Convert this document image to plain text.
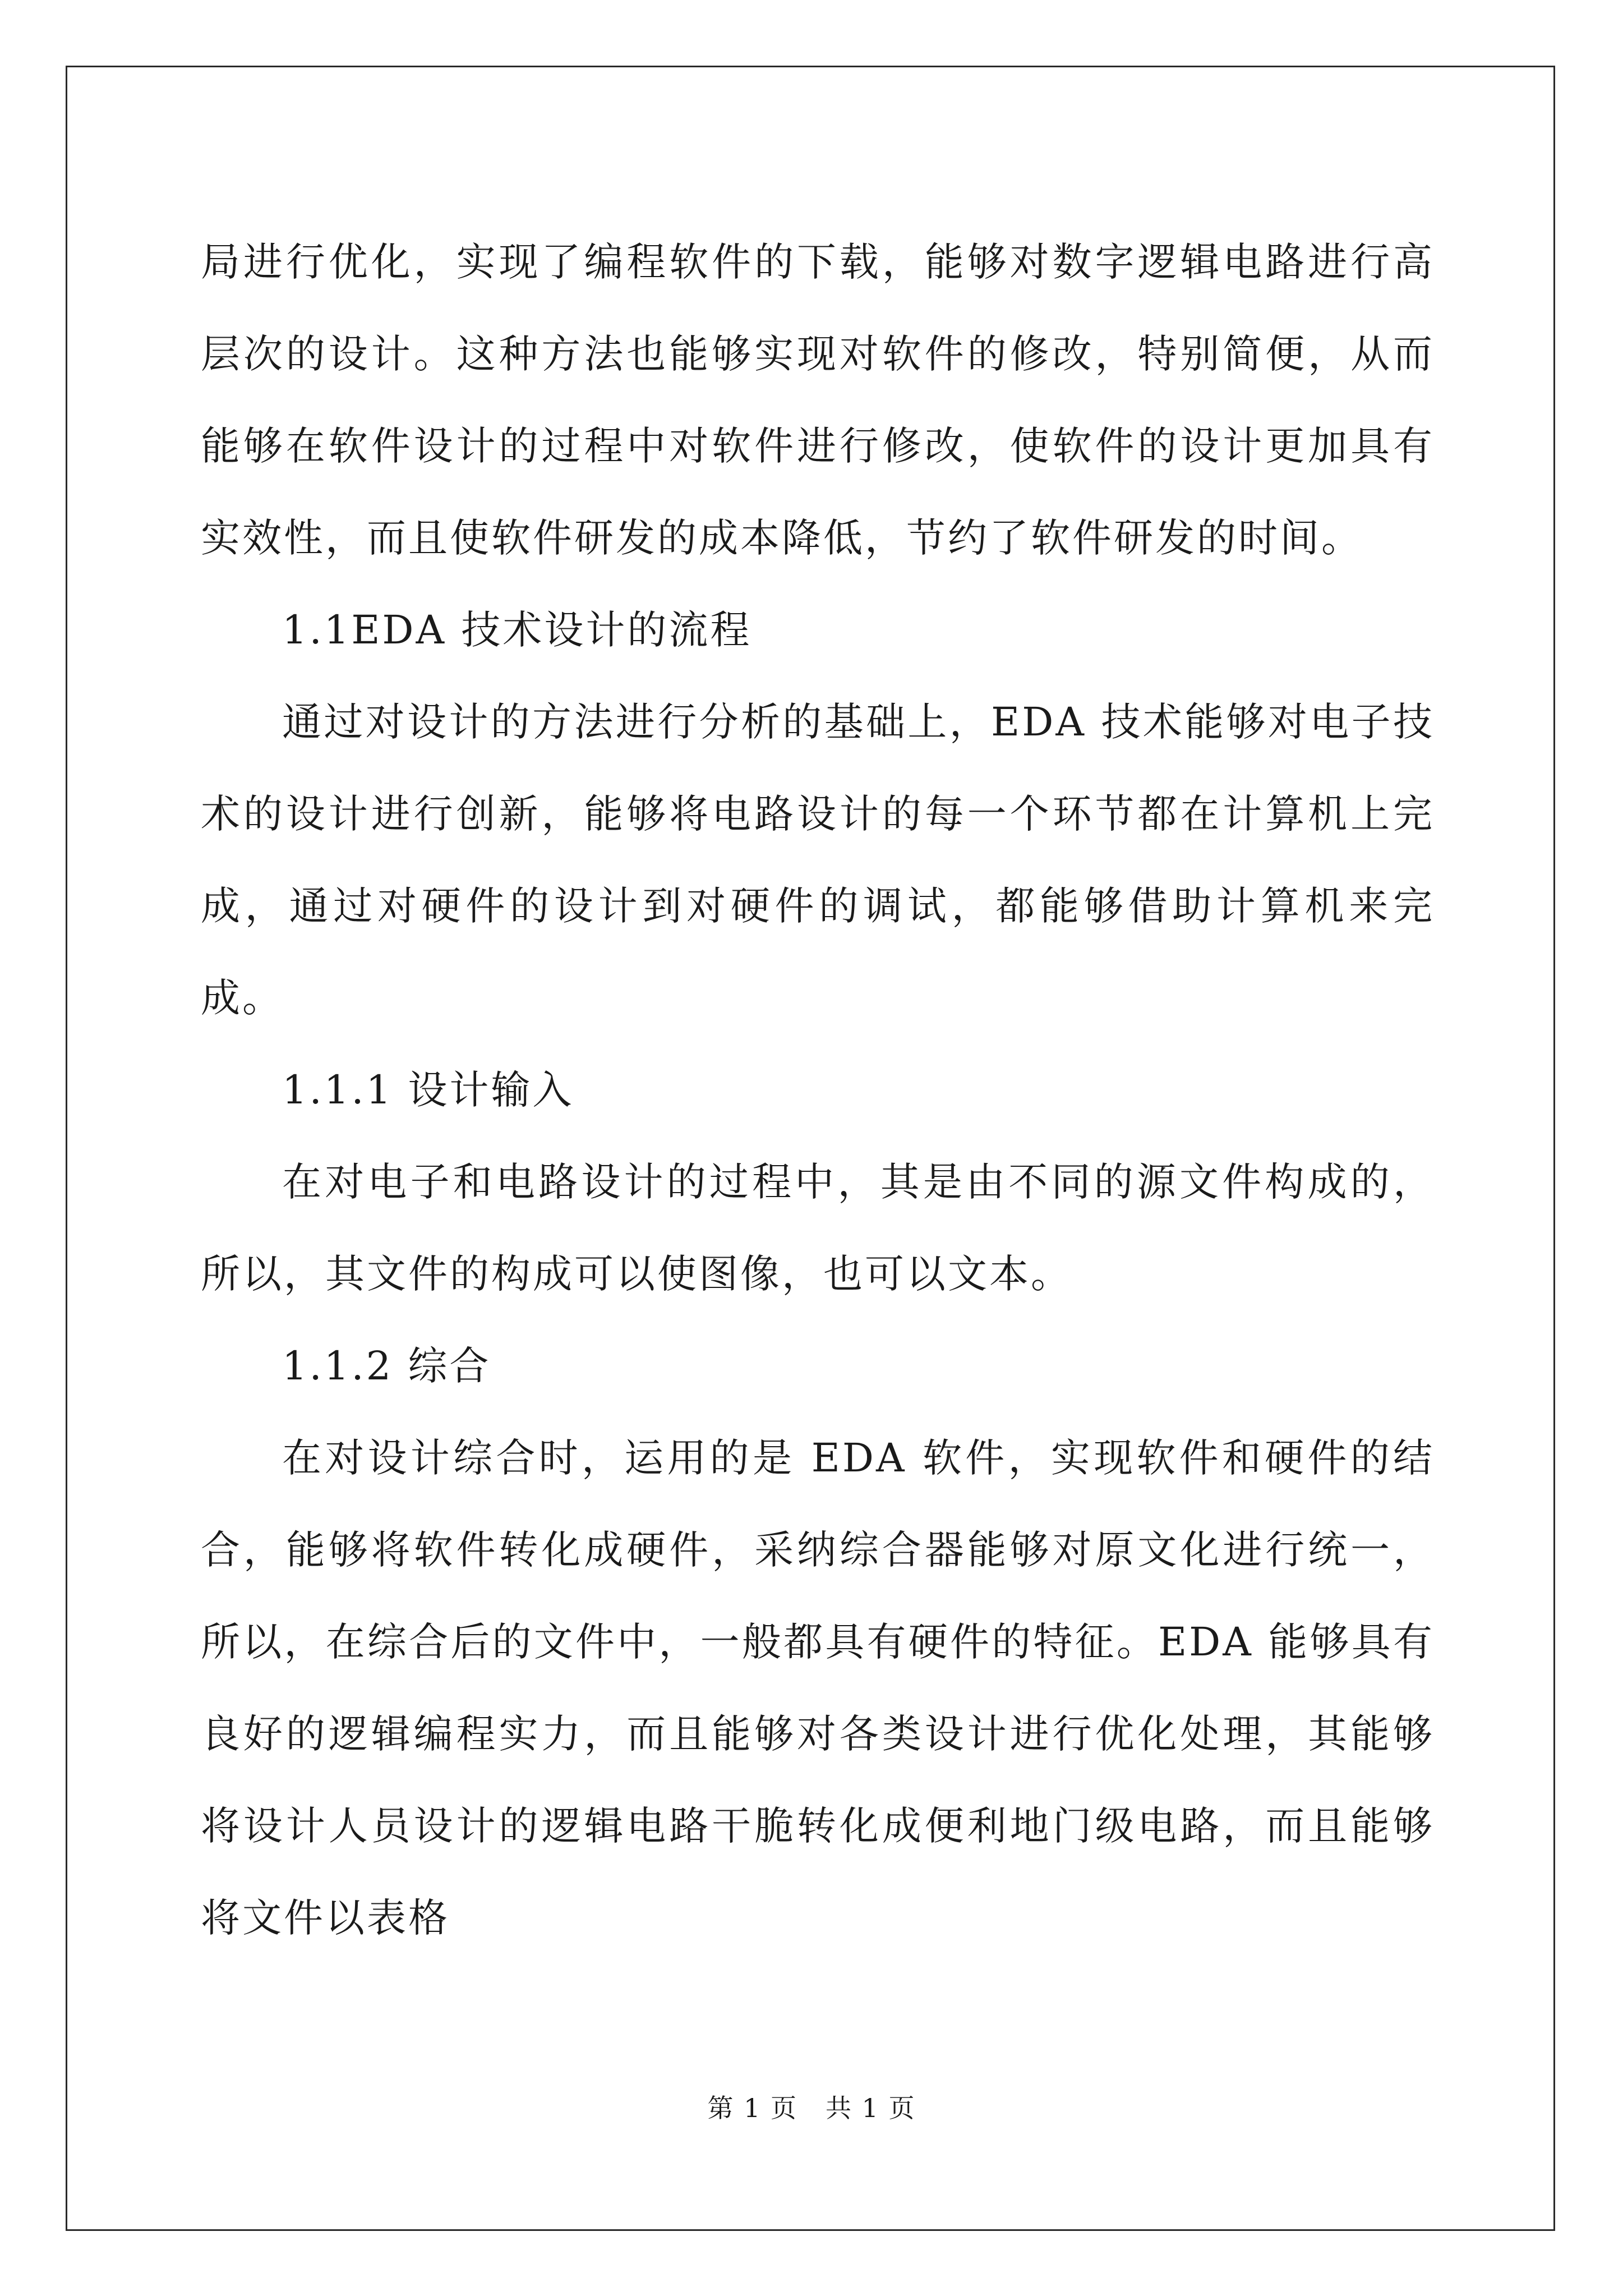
局进行优化，实现了编程软件的下载，能够对数字逻辑电路进行高层次的设计。这种方法也能够实现对软件的修改，特别简便，从而能够在软件设计的过程中对软件进行修改，使软件的设计更加具有实效性，而且使软件研发的成本降低，节约了软件研发的时间。

1.1EDA 技术设计的流程

通过对设计的方法进行分析的基础上，EDA 技术能够对电子技术的设计进行创新，能够将电路设计的每一个环节都在计算机上完成，通过对硬件的设计到对硬件的调试，都能够借助计算机来完成。

1.1.1 设计输入

在对电子和电路设计的过程中，其是由不同的源文件构成的，所以，其文件的构成可以使图像，也可以文本。

1.1.2 综合

在对设计综合时，运用的是 EDA 软件，实现软件和硬件的结合，能够将软件转化成硬件，采纳综合器能够对原文化进行统一，所以，在综合后的文件中，一般都具有硬件的特征。EDA 能够具有良好的逻辑编程实力，而且能够对各类设计进行优化处理，其能够将设计人员设计的逻辑电路干脆转化成便利地门级电路，而且能够将文件以表格

第 1 页 共 1 页
